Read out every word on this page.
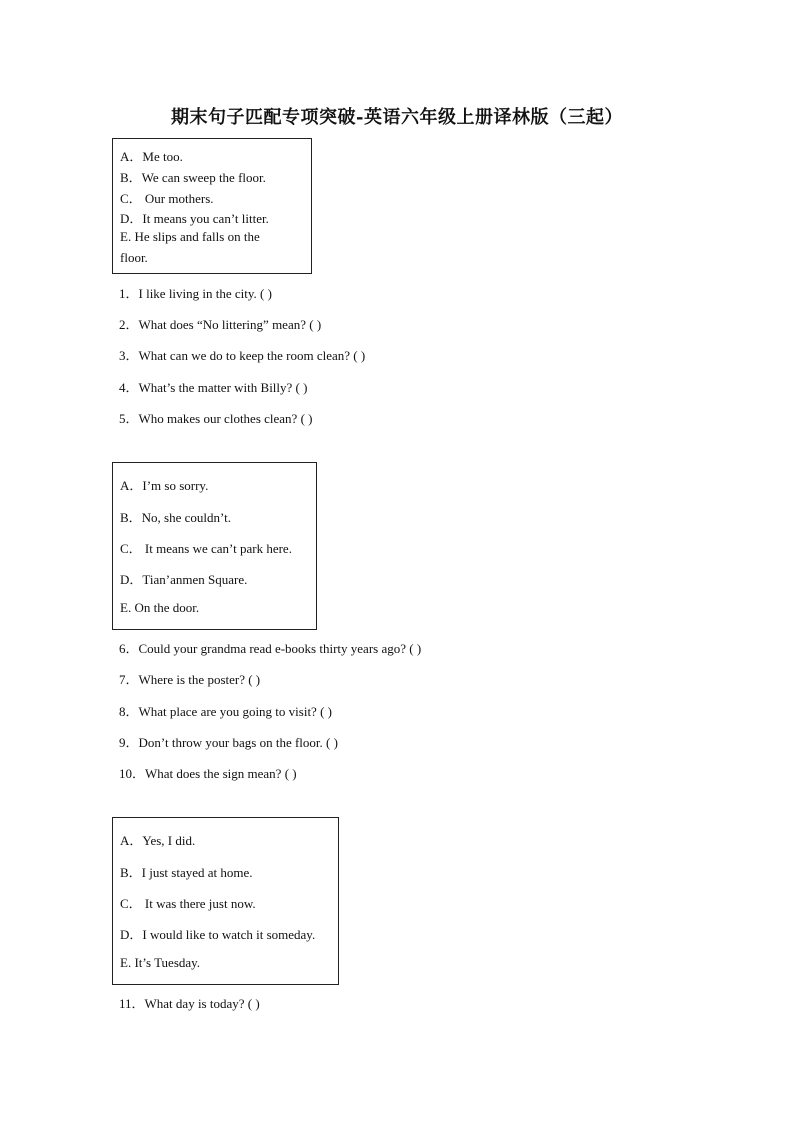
期末句子匹配专项突破-英语六年级上册译林版（三起）
A．Me too.
B．We can sweep the floor.
C． Our mothers.
D．It means you can’t litter.
E. He slips and falls on the
floor.
1．I like living in the city. ( )
2．What does “No littering” mean? ( )
3．What can we do to keep the room clean? ( )
4．What’s the matter with Billy? ( )
5．Who makes our clothes clean? ( )
A．I’m so sorry.
B．No, she couldn’t.
C． It means we can’t park here.
D．Tian’anmen Square.
E. On the door.
6．Could your grandma read e-books thirty years ago? ( )
7．Where is the poster? ( )
8．What place are you going to visit? ( )
9．Don’t throw your bags on the floor. ( )
10．What does the sign mean? ( )
A．Yes, I did.
B．I just stayed at home.
C． It was there just now.
D．I would like to watch it someday.
E. It’s Tuesday.
11．What day is today? ( )
